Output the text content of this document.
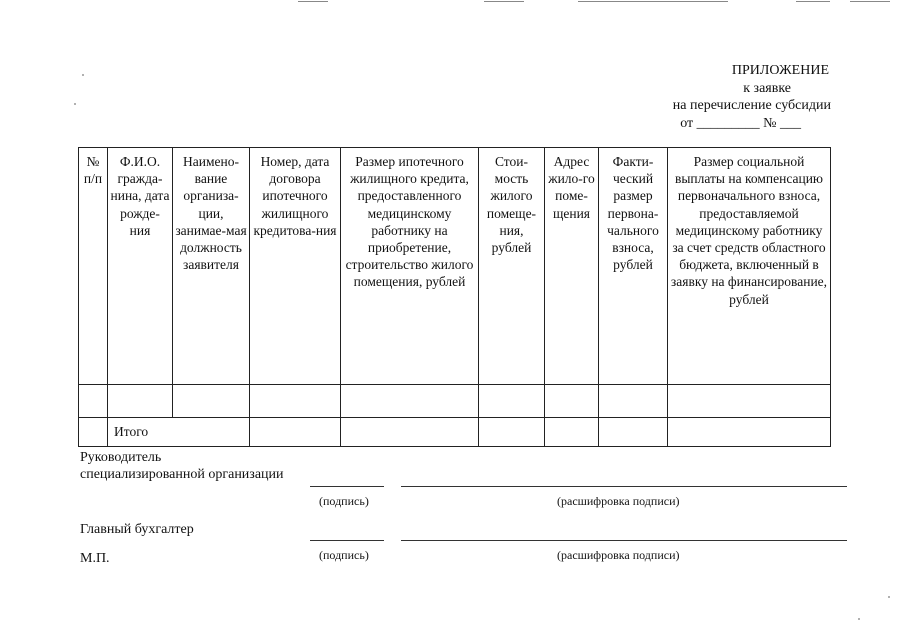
ПРИЛОЖЕНИЕ
к заявке
на перечисление субсидии
от _________ № ___
№ п/п	Ф.И.О. гражда-нина, дата рожде-ния	Наимено-вание организа-ции, занимае-мая должность заявителя	Номер, дата договора ипотечного жилищного кредитова-ния	Размер ипотечного жилищного кредита, предоставленного медицинскому работнику на приобретение, строительство жилого помещения, рублей	Стои-мость жилого помеще-ния, рублей	Адрес жило-го поме-щения	Факти-ческий размер первона-чального взноса, рублей	Размер социальной выплаты на компенсацию первоначального взноса, предоставляемой медицинскому работнику за счет средств областного бюджета, включенный в заявку на финансирование, рублей

	Итого							
Руководитель
специализированной организации
(подпись)	(расшифровка подписи)
Главный бухгалтер
М.П.	(подпись)	(расшифровка подписи)
